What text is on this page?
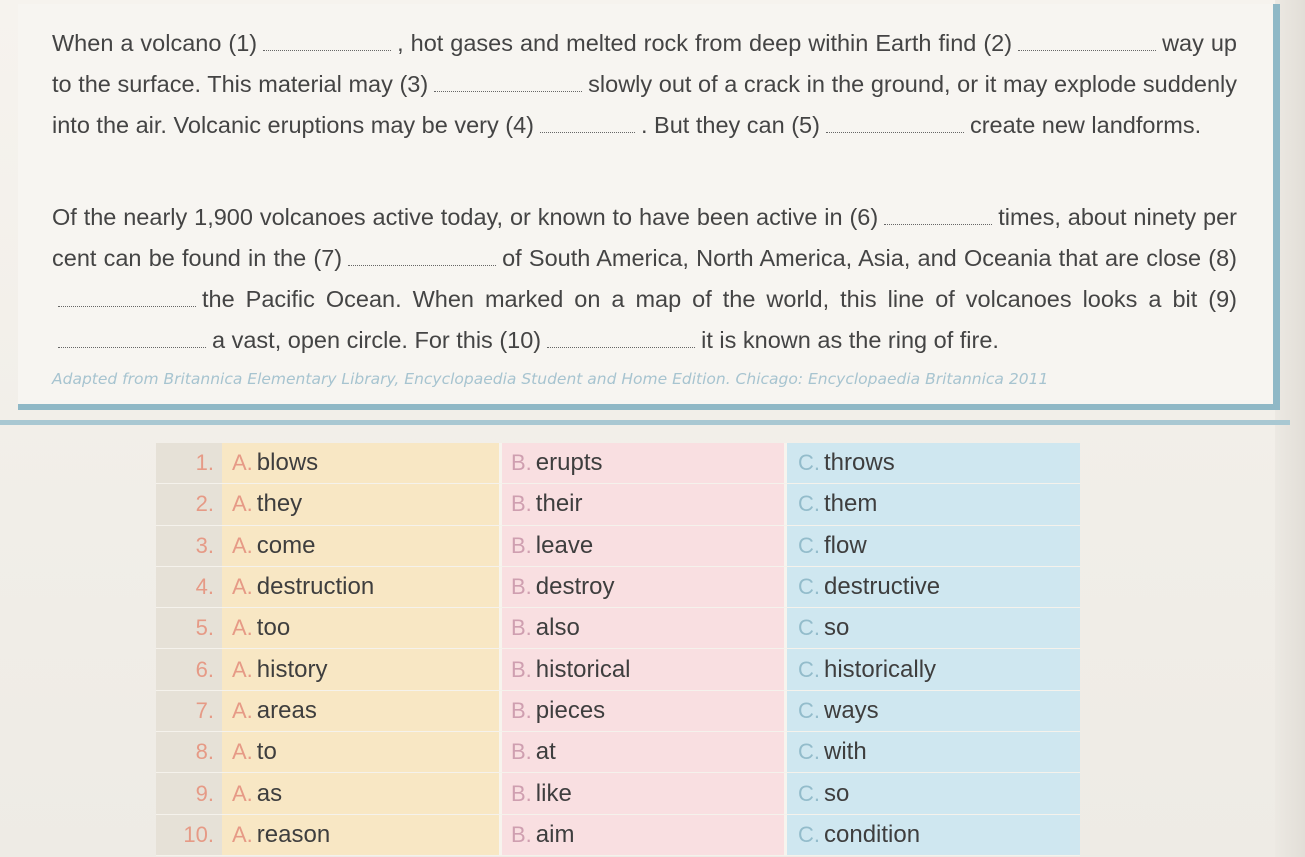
When a volcano (1)	, hot gases and melted rock from deep within Earth find (2)	way up to the surface. This material may (3)	slowly out of a crack in the ground, or it may explode suddenly into the air. Volcanic eruptions may be very (4)	. But they can (5)	create new landforms.

Of the nearly 1,900 volcanoes active today, or known to have been active in (6)	times, about ninety per cent can be found in the (7)	of South America, North America, Asia, and Oceania that are close (8)the Pacific Ocean. When marked on a map of the world, this line of volcanoes looks a bit (9)a vast, open circle. For this (10)	it is known as the ring of fire.

Adapted from Britannica Elementary Library, Encyclopaedia Student and Home Edition. Chicago: Encyclopaedia Britannica 2011
1. A. blows	B. erupts	C. throws
2. A. they	B. their	C. them
3. A. come	B. leave	C. flow
4. A. destruction	B. destroy	C. destructive
5. A. too	B. also	C. so
6. A. history	B. historical	C. historically
7. A. areas	B. pieces	C. ways
8. A. to	B. at	C. with
9. A. as	B. like	C. so
10. A. reason	B. aim	C. condition
